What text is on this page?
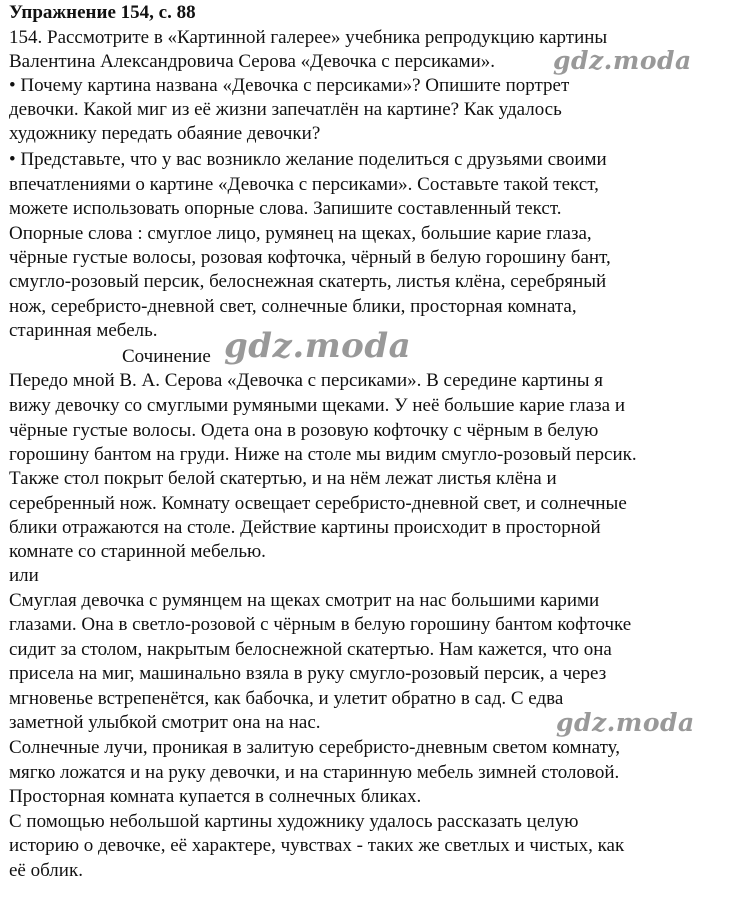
Упражнение 154, с. 88

154. Рассмотрите в «Картинной галерее» учебника репродукцию картины

Валентина Александровича Серова «Девочка с персиками».

• Почему картина названа «Девочка с персиками»? Опишите портрет

девочки. Какой миг из её жизни запечатлён на картине? Как удалось

художнику передать обаяние девочки?

• Представьте, что у вас возникло желание поделиться с друзьями своими

впечатлениями о картине «Девочка с персиками». Составьте такой текст,

можете использовать опорные слова. Запишите составленный текст.

Опорные слова : смуглое лицо, румянец на щеках, большие карие глаза,

чёрные густые волосы, розовая кофточка, чёрный в белую горошину бант,

смугло-розовый персик, белоснежная скатерть, листья клёна, серебряный

нож, серебристо-дневной свет, солнечные блики, просторная комната,

старинная мебель.

Сочинение

Передо мной В. А. Серова «Девочка с персиками». В середине картины я

вижу девочку со смуглыми румяными щеками. У неё большие карие глаза и

чёрные густые волосы. Одета она в розовую кофточку с чёрным в белую

горошину бантом на груди. Ниже на столе мы видим смугло-розовый персик.

Также стол покрыт белой скатертью, и на нём лежат листья клёна и

серебренный нож. Комнату освещает серебристо-дневной свет, и солнечные

блики отражаются на столе. Действие картины происходит в просторной

комнате со старинной мебелью.

или

Смуглая девочка с румянцем на щеках смотрит на нас большими карими

глазами. Она в светло-розовой с чёрным в белую горошину бантом кофточке

сидит за столом, накрытым белоснежной скатертью. Нам кажется, что она

присела на миг, машинально взяла в руку смугло-розовый персик, а через

мгновенье встрепенётся, как бабочка, и улетит обратно в сад. С едва

заметной улыбкой смотрит она на нас.

Солнечные лучи, проникая в залитую серебристо-дневным светом комнату,

мягко ложатся и на руку девочки, и на старинную мебель зимней столовой.

Просторная комната купается в солнечных бликах.

С помощью небольшой картины художнику удалось рассказать целую

историю о девочке, её характере, чувствах - таких же светлых и чистых, как

её облик.

gdz.moda

gdz.moda

gdz.moda
